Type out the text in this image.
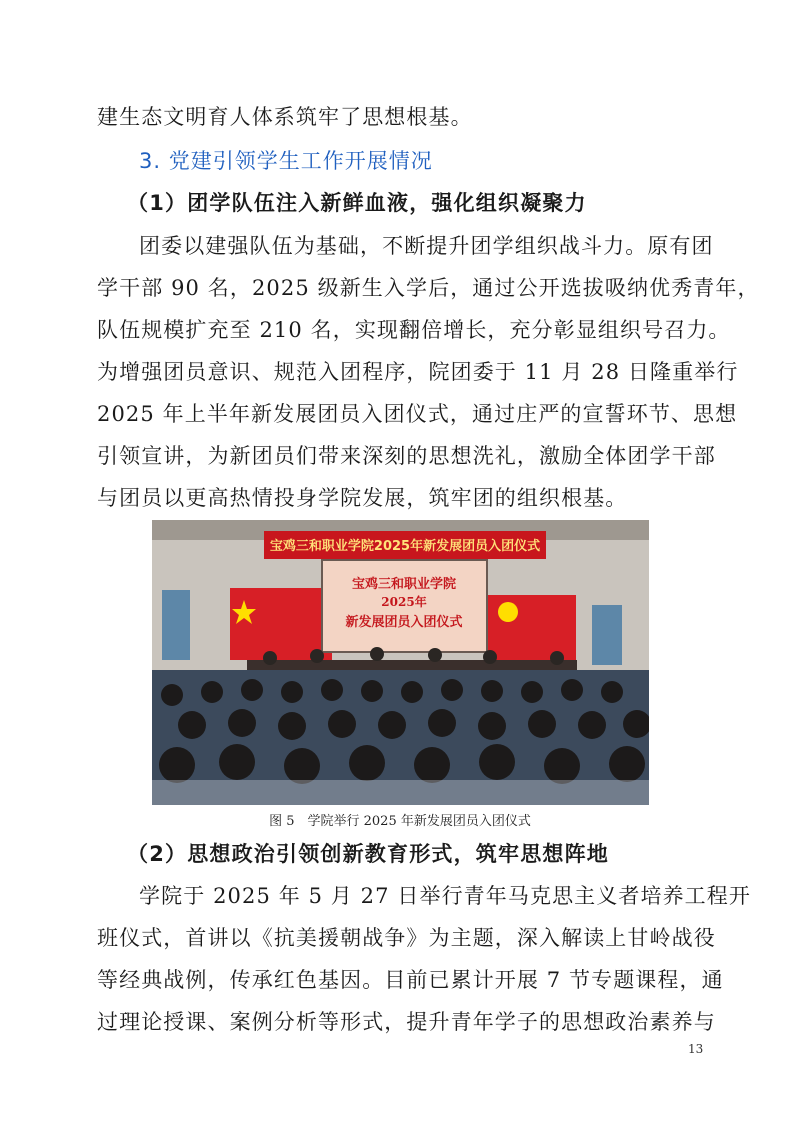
建生态文明育人体系筑牢了思想根基。
3. 党建引领学生工作开展情况
（1）团学队伍注入新鲜血液，强化组织凝聚力
团委以建强队伍为基础，不断提升团学组织战斗力。原有团
学干部 90 名，2025 级新生入学后，通过公开选拔吸纳优秀青年，
队伍规模扩充至 210 名，实现翻倍增长，充分彰显组织号召力。
为增强团员意识、规范入团程序，院团委于 11 月 28 日隆重举行
2025 年上半年新发展团员入团仪式，通过庄严的宣誓环节、思想
引领宣讲，为新团员们带来深刻的思想洗礼，激励全体团学干部
与团员以更高热情投身学院发展，筑牢团的组织根基。
宝鸡三和职业学院2025年新发展团员入团仪式
宝鸡三和职业学院
2025年
新发展团员入团仪式
图 5　学院举行 2025 年新发展团员入团仪式
（2）思想政治引领创新教育形式，筑牢思想阵地
学院于 2025 年 5 月 27 日举行青年马克思主义者培养工程开
班仪式，首讲以《抗美援朝战争》为主题，深入解读上甘岭战役
等经典战例，传承红色基因。目前已累计开展 7 节专题课程，通
过理论授课、案例分析等形式，提升青年学子的思想政治素养与
13
